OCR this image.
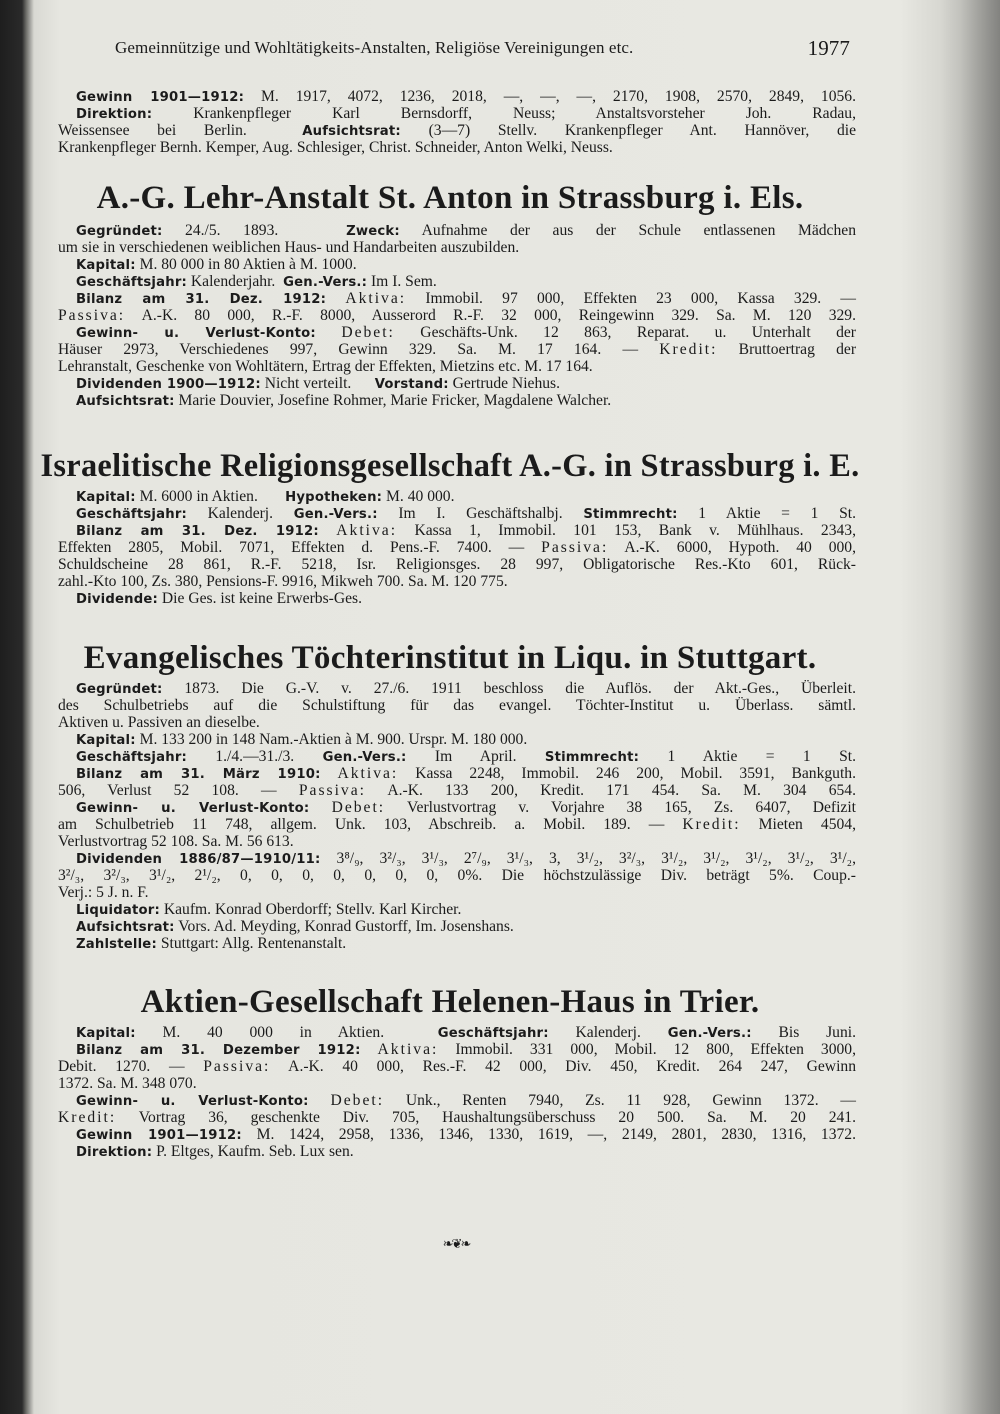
Gemeinnützige und Wohltätigkeits-Anstalten, Religiöse Vereinigungen etc.	1977
Gewinn 1901—1912: M. 1917, 4072, 1236, 2018, —, —, —, 2170, 1908, 2570, 2849, 1056.
Direktion: Krankenpfleger Karl Bernsdorff, Neuss; Anstaltsvorsteher Joh. Radau,
Weissensee bei Berlin.	Aufsichtsrat: (3—7) Stellv. Krankenpfleger Ant. Hannöver, die
Krankenpfleger Bernh. Kemper, Aug. Schlesiger, Christ. Schneider, Anton Welki, Neuss.
A.-G. Lehr-Anstalt St. Anton in Strassburg i. Els.
Gegründet: 24./5. 1893.	Zweck: Aufnahme der aus der Schule entlassenen Mädchen
um sie in verschiedenen weiblichen Haus- und Handarbeiten auszubilden.
Kapital: M. 80 000 in 80 Aktien à M. 1000.
Geschäftsjahr: Kalenderjahr. Gen.-Vers.: Im I. Sem.
Bilanz am 31. Dez. 1912: Aktiva: Immobil. 97 000, Effekten 23 000, Kassa 329. —
Passiva: A.-K. 80 000, R.-F. 8000, Ausserord R.-F. 32 000, Reingewinn 329. Sa. M. 120 329.
Gewinn- u. Verlust-Konto: Debet: Geschäfts-Unk. 12 863, Reparat. u. Unterhalt der
Häuser 2973, Verschiedenes 997, Gewinn 329. Sa. M. 17 164. — Kredit: Bruttoertrag der
Lehranstalt, Geschenke von Wohltätern, Ertrag der Effekten, Mietzins etc. M. 17 164.
Dividenden 1900—1912: Nicht verteilt. Vorstand: Gertrude Niehus.
Aufsichtsrat: Marie Douvier, Josefine Rohmer, Marie Fricker, Magdalene Walcher.
Israelitische Religionsgesellschaft A.-G. in Strassburg i. E.
Kapital: M. 6000 in Aktien. Hypotheken: M. 40 000.
Geschäftsjahr: Kalenderj. Gen.-Vers.: Im I. Geschäftshalbj. Stimmrecht: 1 Aktie = 1 St.
Bilanz am 31. Dez. 1912: Aktiva: Kassa 1, Immobil. 101 153, Bank v. Mühlhaus. 2343,
Effekten 2805, Mobil. 7071, Effekten d. Pens.-F. 7400. — Passiva: A.-K. 6000, Hypoth. 40 000,
Schuldscheine 28 861, R.-F. 5218, Isr. Religionsges. 28 997, Obligatorische Res.-Kto 601, Rück-
zahl.-Kto 100, Zs. 380, Pensions-F. 9916, Mikweh 700. Sa. M. 120 775.
Dividende: Die Ges. ist keine Erwerbs-Ges.
Evangelisches Töchterinstitut in Liqu. in Stuttgart.
Gegründet: 1873. Die G.-V. v. 27./6. 1911 beschloss die Auflös. der Akt.-Ges., Überleit.
des Schulbetriebs auf die Schulstiftung für das evangel. Töchter-Institut u. Überlass. sämtl.
Aktiven u. Passiven an dieselbe.
Kapital: M. 133 200 in 148 Nam.-Aktien à M. 900. Urspr. M. 180 000.
Geschäftsjahr: 1./4.—31./3. Gen.-Vers.: Im April. Stimmrecht: 1 Aktie = 1 St.
Bilanz am 31. März 1910: Aktiva: Kassa 2248, Immobil. 246 200, Mobil. 3591, Bankguth.
506, Verlust 52 108. — Passiva: A.-K. 133 200, Kredit. 171 454. Sa. M. 304 654.
Gewinn- u. Verlust-Konto: Debet: Verlustvortrag v. Vorjahre 38 165, Zs. 6407, Defizit
am Schulbetrieb 11 748, allgem. Unk. 103, Abschreib. a. Mobil. 189. — Kredit: Mieten 4504,
Verlustvortrag 52 108. Sa. M. 56 613.
Dividenden 1886/87—1910/11: 3⁸/₉, 3²/₃, 3¹/₃, 2⁷/₉, 3¹/₃, 3, 3¹/₂, 3²/₃, 3¹/₂, 3¹/₂, 3¹/₂, 3¹/₂, 3¹/₂,
3²/₃, 3²/₃, 3¹/₂, 2¹/₂, 0, 0, 0, 0, 0, 0, 0, 0%. Die höchstzulässige Div. beträgt 5%. Coup.-
Verj.: 5 J. n. F.
Liquidator: Kaufm. Konrad Oberdorff; Stellv. Karl Kircher.
Aufsichtsrat: Vors. Ad. Meyding, Konrad Gustorff, Im. Josenshans.
Zahlstelle: Stuttgart: Allg. Rentenanstalt.
Aktien-Gesellschaft Helenen-Haus in Trier.
Kapital: M. 40 000 in Aktien.	Geschäftsjahr: Kalenderj. Gen.-Vers.: Bis Juni.
Bilanz am 31. Dezember 1912: Aktiva: Immobil. 331 000, Mobil. 12 800, Effekten 3000,
Debit. 1270. — Passiva: A.-K. 40 000, Res.-F. 42 000, Div. 450, Kredit. 264 247, Gewinn
1372. Sa. M. 348 070.
Gewinn- u. Verlust-Konto: Debet: Unk., Renten 7940, Zs. 11 928, Gewinn 1372. —
Kredit: Vortrag 36, geschenkte Div. 705, Haushaltungsüberschuss 20 500. Sa. M. 20 241.
Gewinn 1901—1912: M. 1424, 2958, 1336, 1346, 1330, 1619, —, 2149, 2801, 2830, 1316, 1372.
Direktion: P. Eltges, Kaufm. Seb. Lux sen.
❧❦❧
